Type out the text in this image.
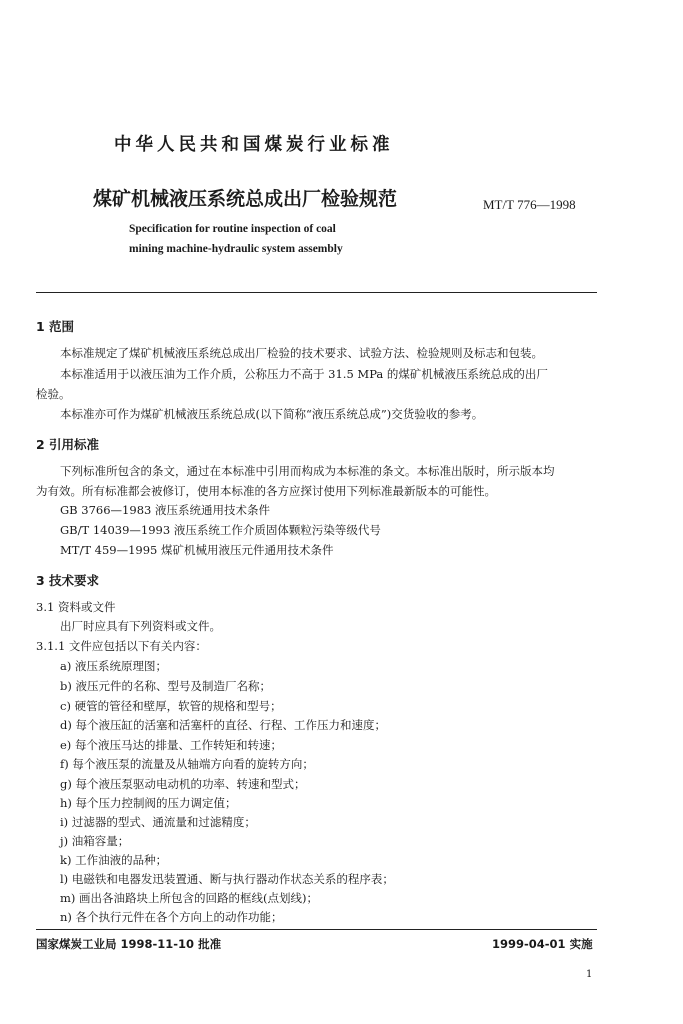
中华人民共和国煤炭行业标准
煤矿机械液压系统总成出厂检验规范	MT/T 776—1998
Specification for routine inspection of coal
mining machine-hydraulic system assembly
1 范围
本标准规定了煤矿机械液压系统总成出厂检验的技术要求、试验方法、检验规则及标志和包装。
本标准适用于以液压油为工作介质，公称压力不高于 31.5 MPa 的煤矿机械液压系统总成的出厂
检验。
本标准亦可作为煤矿机械液压系统总成(以下简称“液压系统总成”)交货验收的参考。
2 引用标准
下列标准所包含的条文，通过在本标准中引用而构成为本标准的条文。本标准出版时，所示版本均
为有效。所有标准都会被修订，使用本标准的各方应探讨使用下列标准最新版本的可能性。
GB 3766—1983 液压系统通用技术条件
GB/T 14039—1993 液压系统工作介质固体颗粒污染等级代号
MT/T 459—1995 煤矿机械用液压元件通用技术条件
3 技术要求
3.1 资料或文件
出厂时应具有下列资料或文件。
3.1.1 文件应包括以下有关内容：
a) 液压系统原理图；
b) 液压元件的名称、型号及制造厂名称；
c) 硬管的管径和壁厚，软管的规格和型号；
d) 每个液压缸的活塞和活塞杆的直径、行程、工作压力和速度；
e) 每个液压马达的排量、工作转矩和转速；
f) 每个液压泵的流量及从轴端方向看的旋转方向；
g) 每个液压泵驱动电动机的功率、转速和型式；
h) 每个压力控制阀的压力调定值；
i) 过滤器的型式、通流量和过滤精度；
j) 油箱容量；
k) 工作油液的品种；
l) 电磁铁和电器发迅装置通、断与执行器动作状态关系的程序表；
m) 画出各油路块上所包含的回路的框线(点划线)；
n) 各个执行元件在各个方向上的动作功能；
国家煤炭工业局 1998-11-10 批准	1999-04-01 实施
1
